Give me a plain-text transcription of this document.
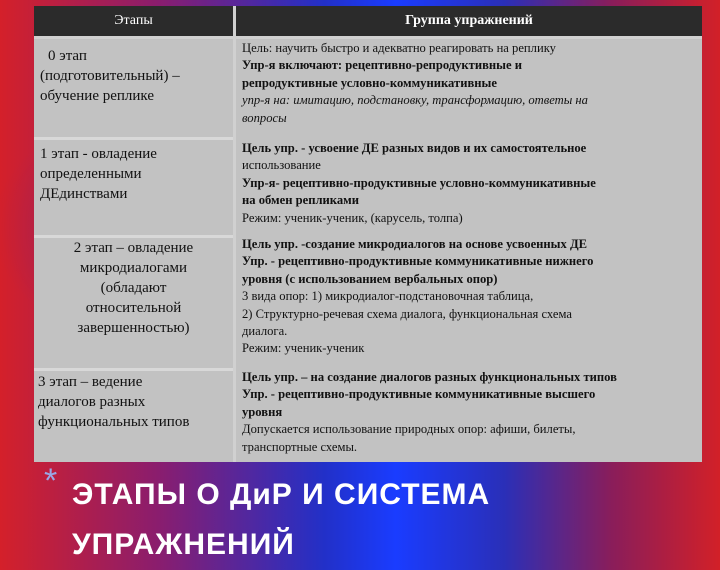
Этапы	Группа упражнений

0 этап

(подготовительный) –

обучение реплике

Цель: научить быстро и адекватно реагировать на реплику

Упр-я включают: рецептивно-репродуктивные и

репродуктивные условно-коммуникативные

упр-я на: имитацию, подстановку, трансформацию, ответы на

вопросы

1 этап - овладение

определенными

ДЕдинствами

Цель упр. - усвоение ДЕ разных видов и их самостоятельное

использование

Упр-я- рецептивно-продуктивные условно-коммуникативные

на обмен репликами

Режим: ученик-ученик, (карусель, толпа)

2 этап – овладение

микродиалогами

(обладают

относительной

завершенностью)

Цель упр. -создание микродиалогов на основе усвоенных ДЕ

Упр. - рецептивно-продуктивные коммуникативные нижнего

уровня (с использованием вербальных опор)

3 вида опор: 1) микродиалог-подстановочная таблица,

2) Структурно-речевая схема диалога, функциональная схема

диалога.

Режим: ученик-ученик

3 этап – ведение

диалогов разных

функциональных типов

Цель упр. – на создание диалогов разных функциональных типов

Упр. - рецептивно-продуктивные коммуникативные высшего

уровня

Допускается использование природных опор: афиши, билеты,

транспортные схемы.

* ЭТАПЫ О ДиР И СИСТЕМА УПРАЖНЕНИЙ
